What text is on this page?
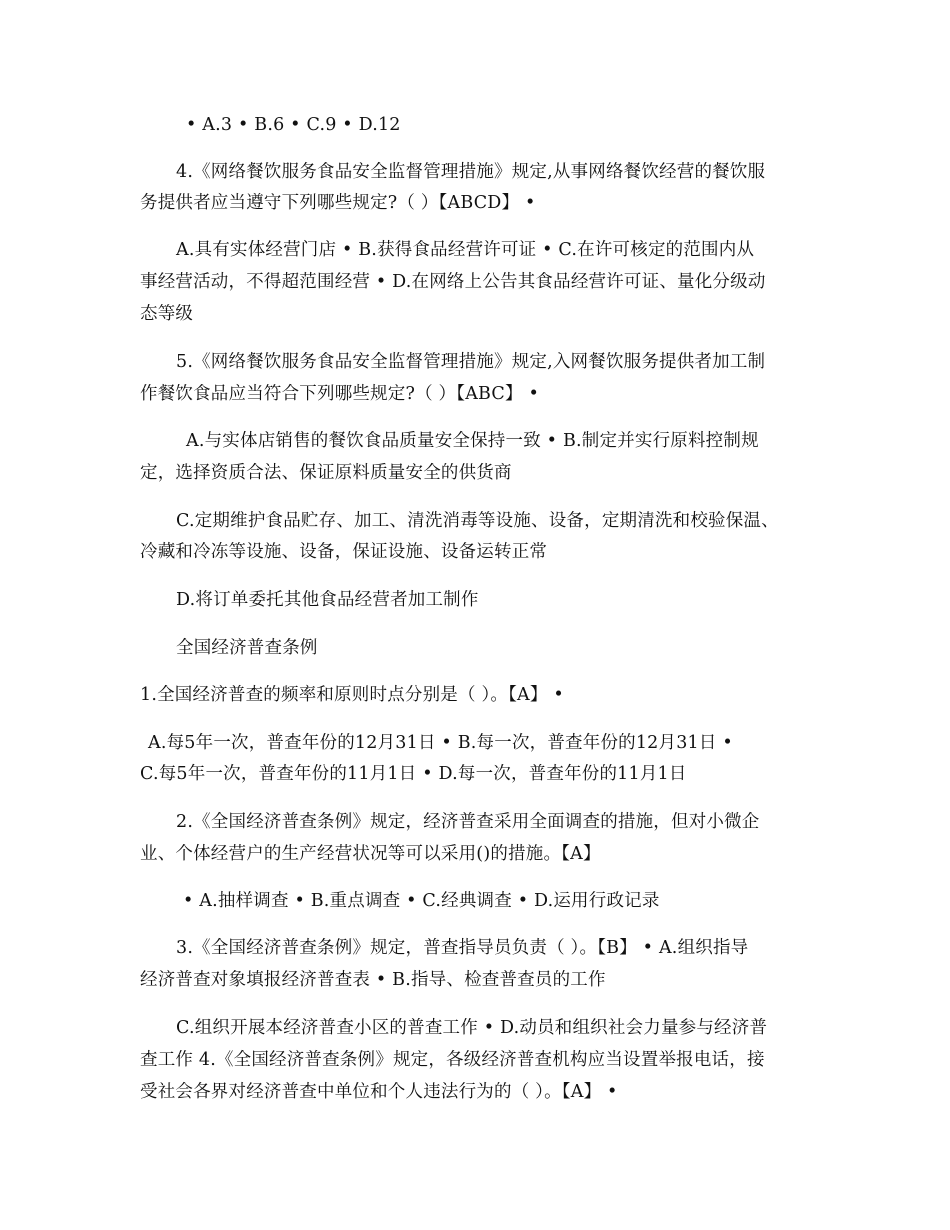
• A.3 • B.6 • C.9 • D.12
4.《网络餐饮服务食品安全监督管理措施》规定,从事网络餐饮经营的餐饮服
务提供者应当遵守下列哪些规定?（ ）【ABCD】 •
A.具有实体经营门店 • B.获得食品经营许可证 • C.在许可核定的范围内从
事经营活动，不得超范围经营 • D.在网络上公告其食品经营许可证、量化分级动
态等级
5.《网络餐饮服务食品安全监督管理措施》规定,入网餐饮服务提供者加工制
作餐饮食品应当符合下列哪些规定?（ ）【ABC】 •
A.与实体店销售的餐饮食品质量安全保持一致 • B.制定并实行原料控制规
定，选择资质合法、保证原料质量安全的供货商
C.定期维护食品贮存、加工、清洗消毒等设施、设备，定期清洗和校验保温、
冷藏和冷冻等设施、设备，保证设施、设备运转正常
D.将订单委托其他食品经营者加工制作
全国经济普查条例
1.全国经济普查的频率和原则时点分别是（ ）。【A】 •
A.每5年一次，普查年份的12月31日 • B.每一次，普查年份的12月31日 •
C.每5年一次，普查年份的11月1日 • D.每一次，普查年份的11月1日
2.《全国经济普查条例》规定，经济普查采用全面调查的措施，但对小微企
业、个体经营户的生产经营状况等可以采用()的措施。【A】
• A.抽样调查 • B.重点调查 • C.经典调查 • D.运用行政记录
3.《全国经济普查条例》规定，普查指导员负责（ ）。【B】 • A.组织指导
经济普查对象填报经济普查表 • B.指导、检查普查员的工作
C.组织开展本经济普查小区的普查工作 • D.动员和组织社会力量参与经济普
查工作 4.《全国经济普查条例》规定，各级经济普查机构应当设置举报电话，接
受社会各界对经济普查中单位和个人违法行为的（ ）。【A】 •
